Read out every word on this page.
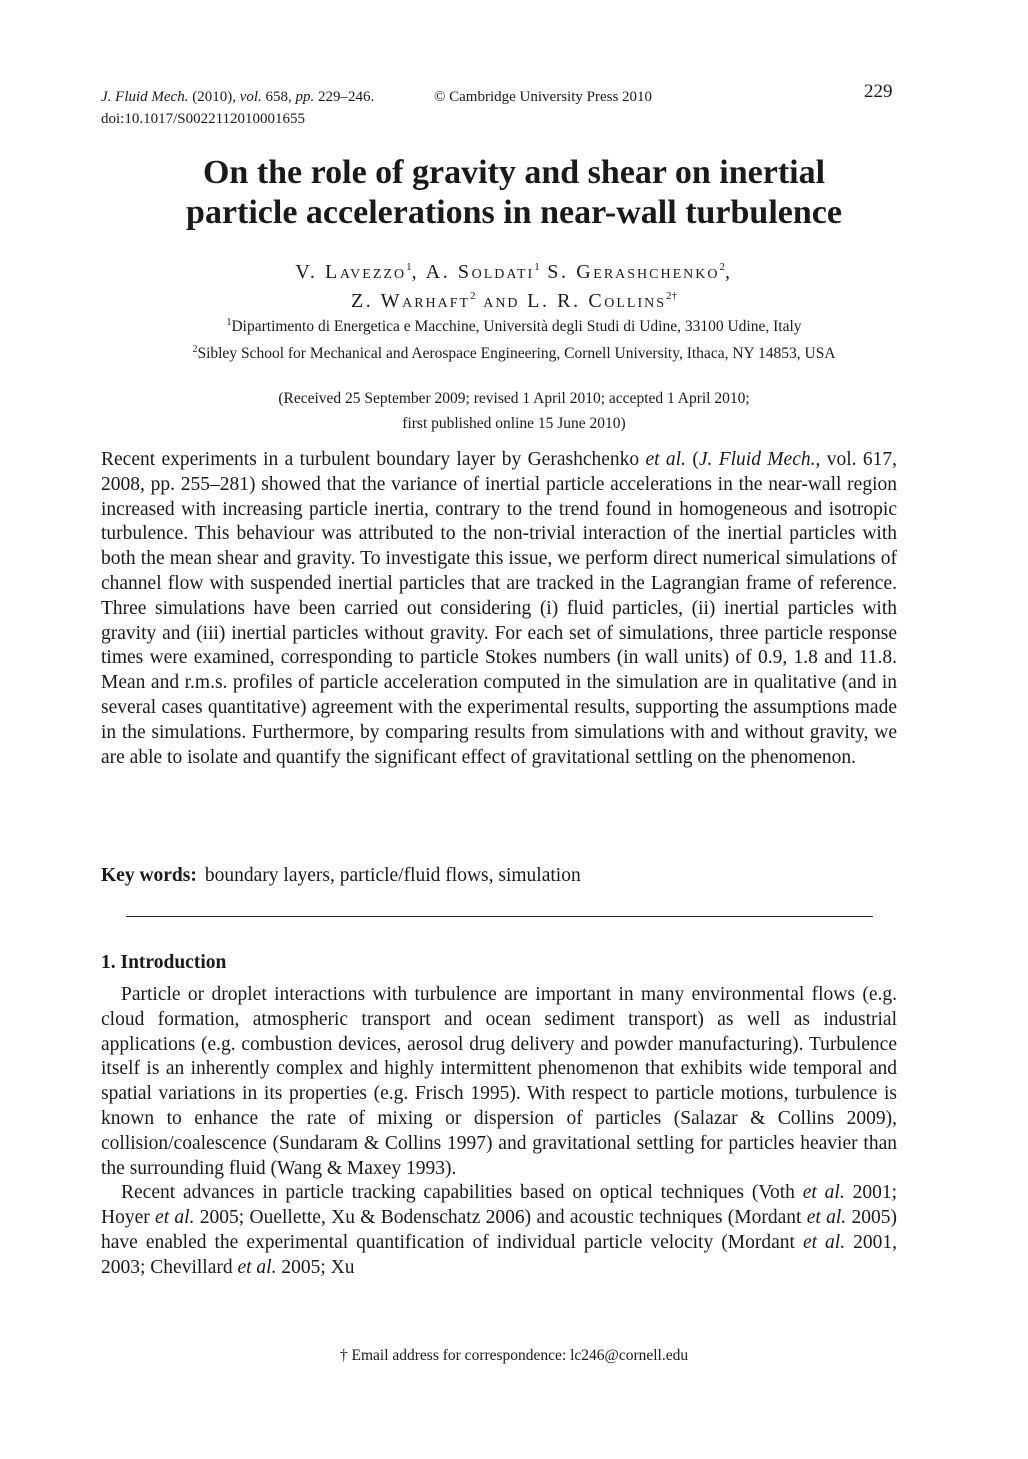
J. Fluid Mech. (2010), vol. 658, pp. 229–246.	© Cambridge University Press 2010
doi:10.1017/S0022112010001655
229
On the role of gravity and shear on inertial
particle accelerations in near-wall turbulence
V. LAVEZZO$^1$, A. SOLDATI$^1$ S. GERASHCHENKO$^2$,
Z. WARHAFT$^2$ AND L. R. $COLLINS^{2\dagger}$
$^1$Dipartimento di Energetica e Macchine, Università degli Studi di Udine, 33100 Udine, Italy
$^2$Sibley School for Mechanical and Aerospace Engineering, Cornell University, Ithaca, NY 14853, USA
(Received 25 September 2009; revised 1 April 2010; accepted 1 April 2010;
first published online 15 June 2010)

Recent experiments in a turbulent boundary layer by Gerashchenko et al. (J. Fluid Mech., vol. 617, 2008, pp. 255–281) showed that the variance of inertial particle accelerations in the near-wall region increased with increasing particle inertia, contrary to the trend found in homogeneous and isotropic turbulence. This behaviour was attributed to the non-trivial interaction of the inertial particles with both the mean shear and gravity. To investigate this issue, we perform direct numerical simulations of channel flow with suspended inertial particles that are tracked in the Lagrangian frame of reference. Three simulations have been carried out considering (i) fluid particles, (ii) inertial particles with gravity and (iii) inertial particles without gravity. For each set of simulations, three particle response times were examined, corresponding to particle Stokes numbers (in wall units) of 0.9, 1.8 and 11.8. Mean and r.m.s. profiles of particle acceleration computed in the simulation are in qualitative (and in several cases quantitative) agreement with the experimental results, supporting the assumptions made in the simulations. Furthermore, by comparing results from simulations with and without gravity, we are able to isolate and quantify the significant effect of gravitational settling on the phenomenon.

Key words: boundary layers, particle/fluid flows, simulation
1. Introduction

Particle or droplet interactions with turbulence are important in many environmental flows (e.g. cloud formation, atmospheric transport and ocean sediment transport) as well as industrial applications (e.g. combustion devices, aerosol drug delivery and powder manufacturing). Turbulence itself is an inherently complex and highly intermittent phenomenon that exhibits wide temporal and spatial variations in its properties (e.g. Frisch 1995). With respect to particle motions, turbulence is known to enhance the rate of mixing or dispersion of particles (Salazar & Collins 2009), collision/coalescence (Sundaram & Collins 1997) and gravitational settling for particles heavier than the surrounding fluid (Wang & Maxey 1993).

Recent advances in particle tracking capabilities based on optical techniques (Voth et al. 2001; Hoyer et al. 2005; Ouellette, Xu & Bodenschatz 2006) and acoustic techniques (Mordant et al. 2005) have enabled the experimental quantification of individual particle velocity (Mordant et al. 2001, 2003; Chevillard et al. 2005; Xu

† Email address for correspondence: lc246@cornell.edu
